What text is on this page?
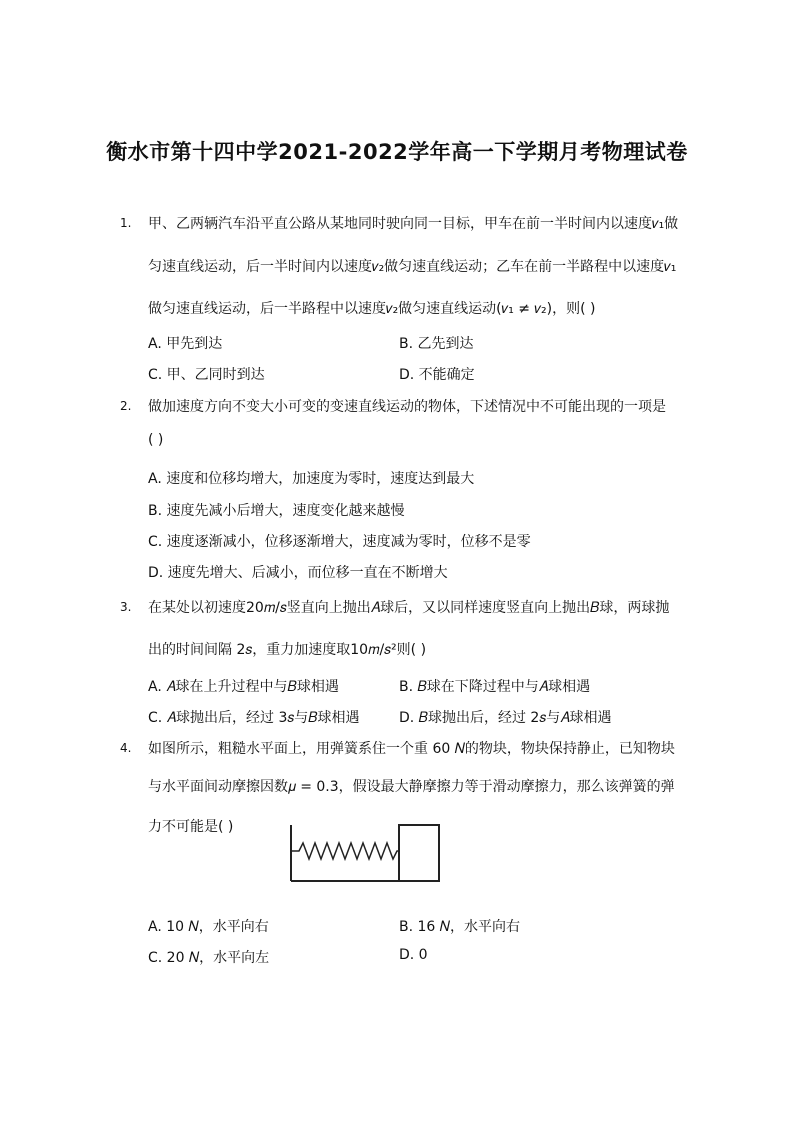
衡水市第十四中学2021-2022学年高一下学期月考物理试卷
1. 甲、乙两辆汽车沿平直公路从某地同时驶向同一目标，甲车在前一半时间内以速度𝑣₁做
匀速直线运动，后一半时间内以速度𝑣₂做匀速直线运动；乙车在前一半路程中以速度𝑣₁
做匀速直线运动，后一半路程中以速度𝑣₂做匀速直线运动(𝑣₁ ≠ 𝑣₂)，则( )
A. 甲先到达	B. 乙先到达
C. 甲、乙同时到达	D. 不能确定
2. 做加速度方向不变大小可变的变速直线运动的物体，下述情况中不可能出现的一项是
( )
A. 速度和位移均增大，加速度为零时，速度达到最大
B. 速度先减小后增大，速度变化越来越慢
C. 速度逐渐减小，位移逐渐增大，速度减为零时，位移不是零
D. 速度先增大、后减小，而位移一直在不断增大
3. 在某处以初速度20𝑚/𝑠竖直向上抛出𝐴球后，又以同样速度竖直向上抛出𝐵球，两球抛
出的时间间隔 2𝑠，重力加速度取10𝑚/𝑠²则( )
A. 𝐴球在上升过程中与𝐵球相遇	B. 𝐵球在下降过程中与𝐴球相遇
C. 𝐴球抛出后，经过 3𝑠与𝐵球相遇	D. 𝐵球抛出后，经过 2𝑠与𝐴球相遇
4. 如图所示，粗糙水平面上，用弹簧系住一个重 60 𝑁的物块，物块保持静止，已知物块
与水平面间动摩擦因数𝜇 = 0.3，假设最大静摩擦力等于滑动摩擦力，那么该弹簧的弹
力不可能是( )
A. 10 𝑁，水平向右	B. 16 𝑁，水平向右
C. 20 𝑁，水平向左	D. 0
